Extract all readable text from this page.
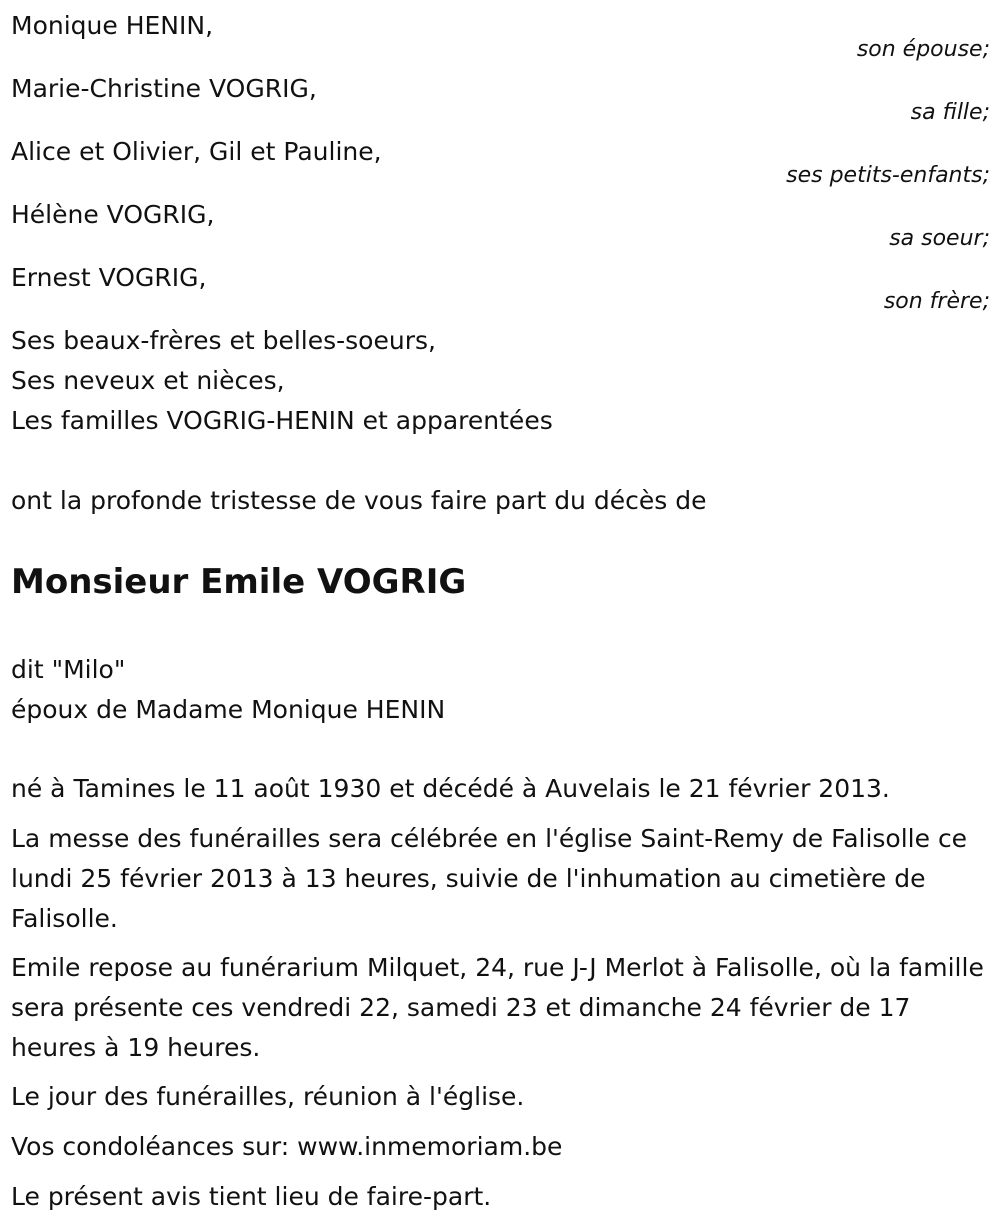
Monique HENIN,
son épouse;
Marie-Christine VOGRIG,
sa fille;
Alice et Olivier, Gil et Pauline,
ses petits-enfants;
Hélène VOGRIG,
sa soeur;
Ernest VOGRIG,
son frère;
Ses beaux-frères et belles-soeurs,
Ses neveux et nièces,
Les familles VOGRIG-HENIN et apparentées
ont la profonde tristesse de vous faire part du décès de
Monsieur Emile VOGRIG
dit "Milo"
époux de Madame Monique HENIN
né à Tamines le 11 août 1930 et décédé à Auvelais le 21 février 2013.
La messe des funérailles sera célébrée en l'église Saint-Remy de Falisolle ce lundi 25 février 2013 à 13 heures, suivie de l'inhumation au cimetière de Falisolle.
Emile repose au funérarium Milquet, 24, rue J-J Merlot à Falisolle, où la famille sera présente ces vendredi 22, samedi 23 et dimanche 24 février de 17 heures à 19 heures.
Le jour des funérailles, réunion à l'église.
Vos condoléances sur: www.inmemoriam.be
Le présent avis tient lieu de faire-part.
